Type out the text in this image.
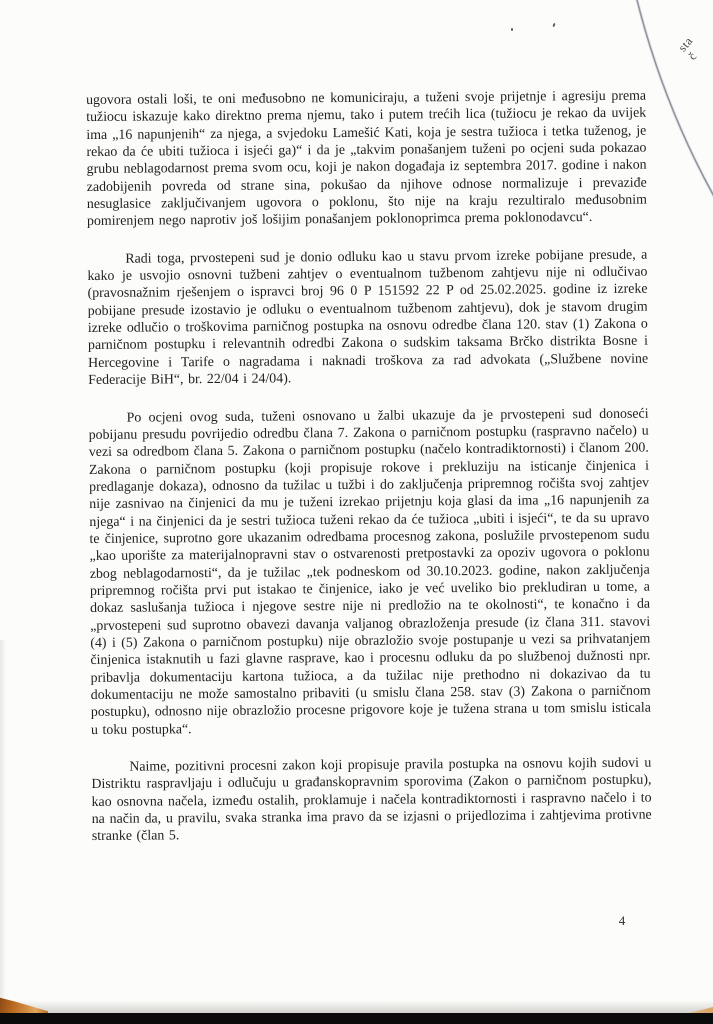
sta
č

ugovora ostali loši, te oni međusobno ne komuniciraju, a tuženi svoje prijetnje i agresiju prema tužiocu iskazuje kako direktno prema njemu, tako i putem trećih lica (tužiocu je rekao da uvijek ima „16 napunjenih“ za njega, a svjedoku Lamešić Kati, koja je sestra tužioca i tetka tuženog, je rekao da će ubiti tužioca i isjeći ga)“ i da je „takvim ponašanjem tuženi po ocjeni suda pokazao grubu neblagodarnost prema svom ocu, koji je nakon događaja iz septembra 2017. godine i nakon zadobijenih povreda od strane sina, pokušao da njihove odnose normalizuje i prevaziđe nesuglasice zaključivanjem ugovora o poklonu, što nije na kraju rezultiralo međusobnim pomirenjem nego naprotiv još lošijim ponašanjem poklonoprimca prema poklonodavcu“.

Radi toga, prvostepeni sud je donio odluku kao u stavu prvom izreke pobijane presude, a kako je usvojio osnovni tužbeni zahtjev o eventualnom tužbenom zahtjevu nije ni odlučivao (pravosnažnim rješenjem o ispravci broj 96 0 P 151592 22 P od 25.02.2025. godine iz izreke pobijane presude izostavio je odluku o eventualnom tužbenom zahtjevu), dok je stavom drugim izreke odlučio o troškovima parničnog postupka na osnovu odredbe člana 120. stav (1) Zakona o parničnom postupku i relevantnih odredbi Zakona o sudskim taksama Brčko distrikta Bosne i Hercegovine i Tarife o nagradama i naknadi troškova za rad advokata („Službene novine Federacije BiH“, br. 22/04 i 24/04).

Po ocjeni ovog suda, tuženi osnovano u žalbi ukazuje da je prvostepeni sud donoseći pobijanu presudu povrijedio odredbu člana 7. Zakona o parničnom postupku (raspravno načelo) u vezi sa odredbom člana 5. Zakona o parničnom postupku (načelo kontradiktornosti) i članom 200. Zakona o parničnom postupku (koji propisuje rokove i prekluziju na isticanje činjenica i predlaganje dokaza), odnosno da tužilac u tužbi i do zaključenja pripremnog ročišta svoj zahtjev nije zasnivao na činjenici da mu je tuženi izrekao prijetnju koja glasi da ima „16 napunjenih za njega“ i na činjenici da je sestri tužioca tuženi rekao da će tužioca „ubiti i isjeći“, te da su upravo te činjenice, suprotno gore ukazanim odredbama procesnog zakona, poslužile prvostepenom sudu „kao uporište za materijalnopravni stav o ostvarenosti pretpostavki za opoziv ugovora o poklonu zbog neblagodarnosti“, da je tužilac „tek podneskom od 30.10.2023. godine, nakon zaključenja pripremnog ročišta prvi put istakao te činjenice, iako je već uveliko bio prekludiran u tome, a dokaz saslušanja tužioca i njegove sestre nije ni predložio na te okolnosti“, te konačno i da „prvostepeni sud suprotno obavezi davanja valjanog obrazloženja presude (iz člana 311. stavovi (4) i (5) Zakona o parničnom postupku) nije obrazložio svoje postupanje u vezi sa prihvatanjem činjenica istaknutih u fazi glavne rasprave, kao i procesnu odluku da po službenoj dužnosti npr. pribavlja dokumentaciju kartona tužioca, a da tužilac nije prethodno ni dokazivao da tu dokumentaciju ne može samostalno pribaviti (u smislu člana 258. stav (3) Zakona o parničnom postupku), odnosno nije obrazložio procesne prigovore koje je tužena strana u tom smislu isticala u toku postupka“.

Naime, pozitivni procesni zakon koji propisuje pravila postupka na osnovu kojih sudovi u Distriktu raspravljaju i odlučuju u građanskopravnim sporovima (Zakon o parničnom postupku), kao osnovna načela, između ostalih, proklamuje i načela kontradiktornosti i raspravno načelo i to na način da, u pravilu, svaka stranka ima pravo da se izjasni o prijedlozima i zahtjevima protivne stranke (član 5.

4
